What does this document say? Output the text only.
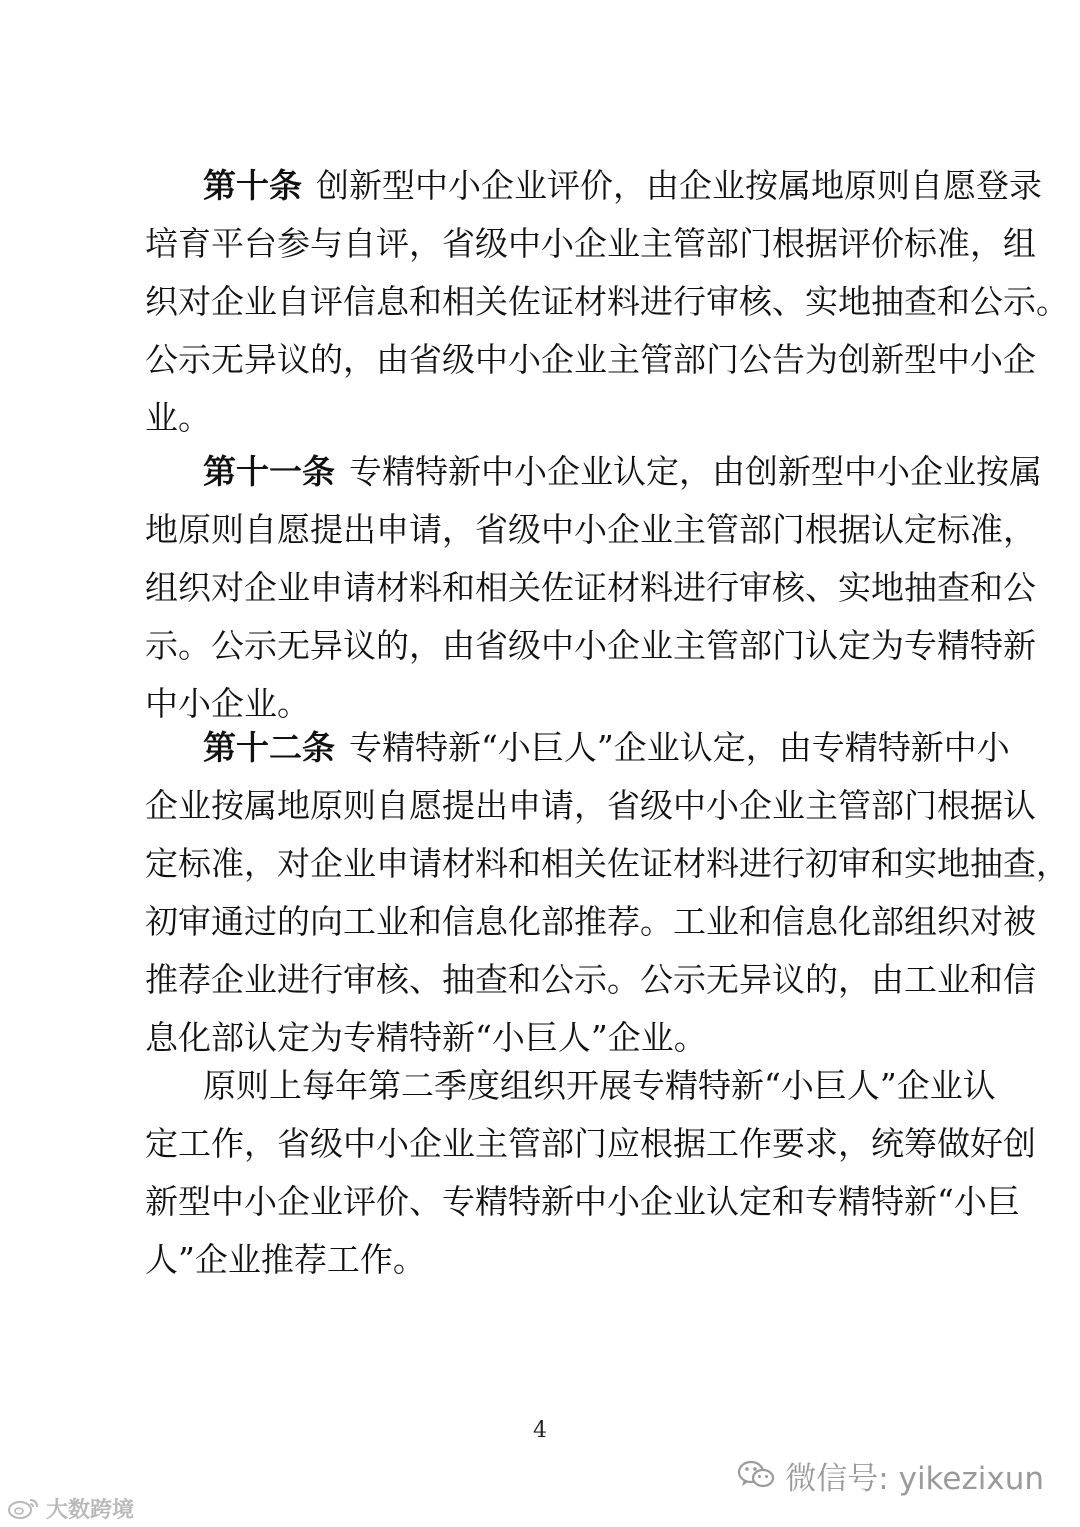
第十条 创新型中小企业评价，由企业按属地原则自愿登录
培育平台参与自评，省级中小企业主管部门根据评价标准，组
织对企业自评信息和相关佐证材料进行审核、实地抽查和公示。
公示无异议的，由省级中小企业主管部门公告为创新型中小企
业。
第十一条 专精特新中小企业认定，由创新型中小企业按属
地原则自愿提出申请，省级中小企业主管部门根据认定标准，
组织对企业申请材料和相关佐证材料进行审核、实地抽查和公
示。公示无异议的，由省级中小企业主管部门认定为专精特新
中小企业。
第十二条 专精特新“小巨人”企业认定，由专精特新中小
企业按属地原则自愿提出申请，省级中小企业主管部门根据认
定标准，对企业申请材料和相关佐证材料进行初审和实地抽查，
初审通过的向工业和信息化部推荐。工业和信息化部组织对被
推荐企业进行审核、抽查和公示。公示无异议的，由工业和信
息化部认定为专精特新“小巨人”企业。
原则上每年第二季度组织开展专精特新“小巨人”企业认
定工作，省级中小企业主管部门应根据工作要求，统筹做好创
新型中小企业评价、专精特新中小企业认定和专精特新“小巨
人”企业推荐工作。
4
微信号: yikezixun
大数跨境
